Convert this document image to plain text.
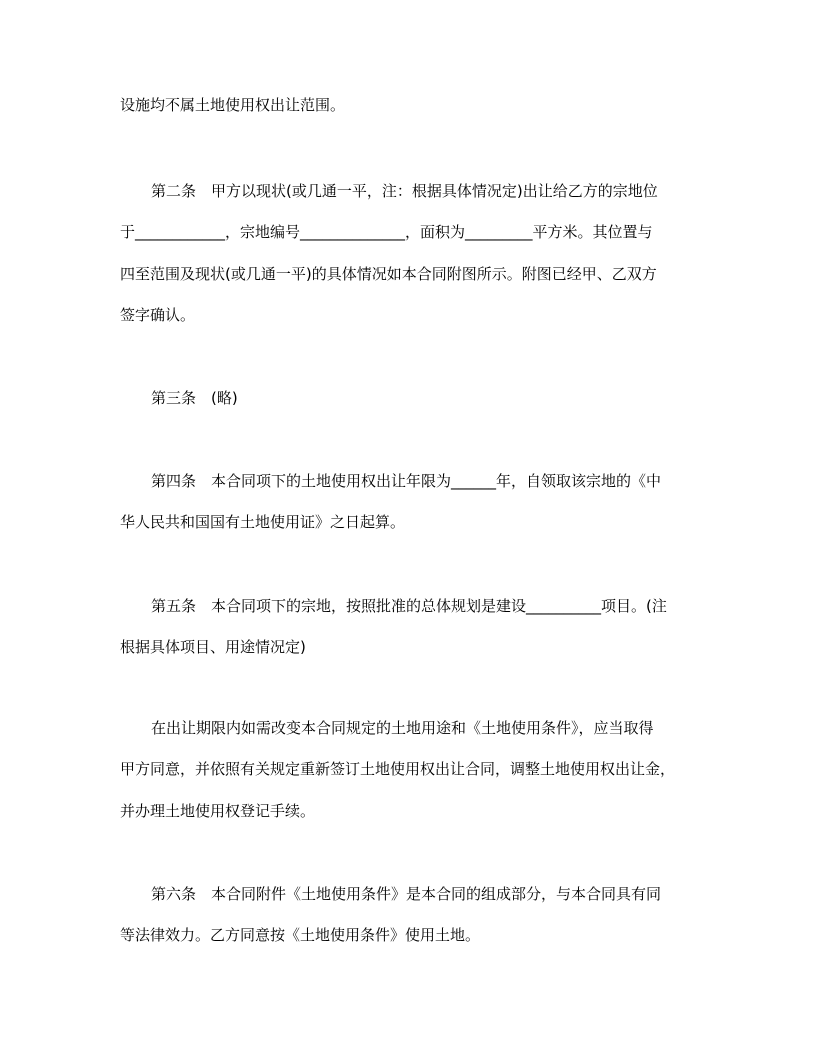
设施均不属土地使用权出让范围。
第二条　甲方以现状(或几通一平，注：根据具体情况定)出让给乙方的宗地位
于____________，宗地编号______________，面积为_________平方米。其位置与
四至范围及现状(或几通一平)的具体情况如本合同附图所示。附图已经甲、乙双方
签字确认。
第三条　(略)
第四条　本合同项下的土地使用权出让年限为______年，自领取该宗地的《中
华人民共和国国有土地使用证》之日起算。
第五条　本合同项下的宗地，按照批准的总体规划是建设__________项目。(注
根据具体项目、用途情况定)
在出让期限内如需改变本合同规定的土地用途和《土地使用条件》，应当取得
甲方同意，并依照有关规定重新签订土地使用权出让合同，调整土地使用权出让金，
并办理土地使用权登记手续。
第六条　本合同附件《土地使用条件》是本合同的组成部分，与本合同具有同
等法律效力。乙方同意按《土地使用条件》使用土地。
